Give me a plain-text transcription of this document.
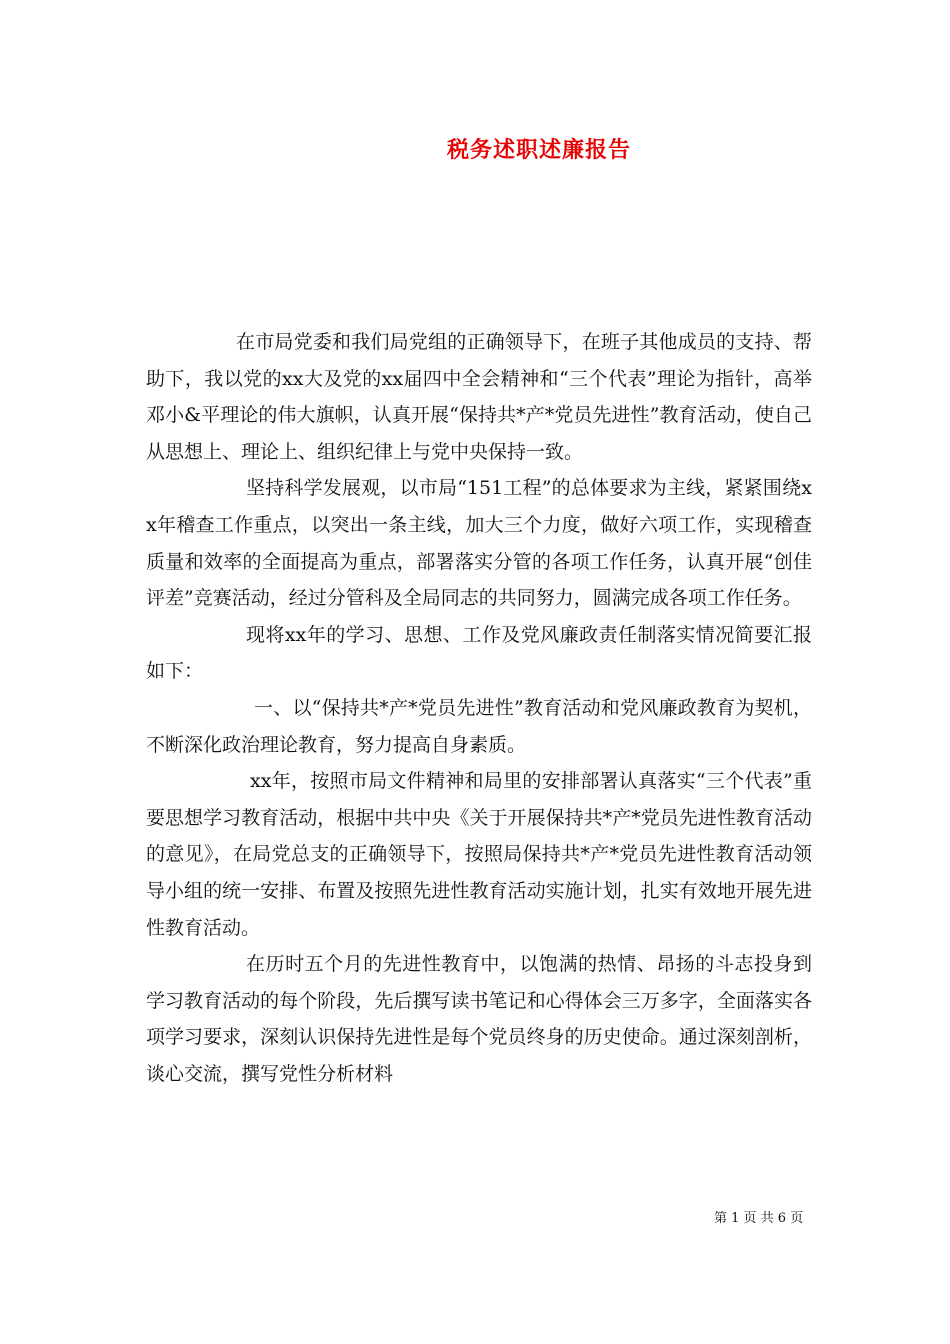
税务述职述廉报告

在市局党委和我们局党组的正确领导下，在班子其他成员的支持、帮助下，我以党的xx大及党的xx届四中全会精神和“三个代表”理论为指针，高举邓小&平理论的伟大旗帜，认真开展“保持共*产*党员先进性”教育活动，使自己从思想上、理论上、组织纪律上与党中央保持一致。

坚持科学发展观，以市局“151工程”的总体要求为主线，紧紧围绕xx年稽查工作重点，以突出一条主线，加大三个力度，做好六项工作，实现稽查质量和效率的全面提高为重点，部署落实分管的各项工作任务，认真开展“创佳评差”竞赛活动，经过分管科及全局同志的共同努力，圆满完成各项工作任务。

现将xx年的学习、思想、工作及党风廉政责任制落实情况简要汇报如下：

一、以“保持共*产*党员先进性”教育活动和党风廉政教育为契机，不断深化政治理论教育，努力提高自身素质。

xx年，按照市局文件精神和局里的安排部署认真落实“三个代表”重要思想学习教育活动，根据中共中央《关于开展保持共*产*党员先进性教育活动的意见》，在局党总支的正确领导下，按照局保持共*产*党员先进性教育活动领导小组的统一安排、布置及按照先进性教育活动实施计划，扎实有效地开展先进性教育活动。

在历时五个月的先进性教育中，以饱满的热情、昂扬的斗志投身到学习教育活动的每个阶段，先后撰写读书笔记和心得体会三万多字，全面落实各项学习要求，深刻认识保持先进性是每个党员终身的历史使命。通过深刻剖析，谈心交流，撰写党性分析材料

第 1 页 共 6 页
